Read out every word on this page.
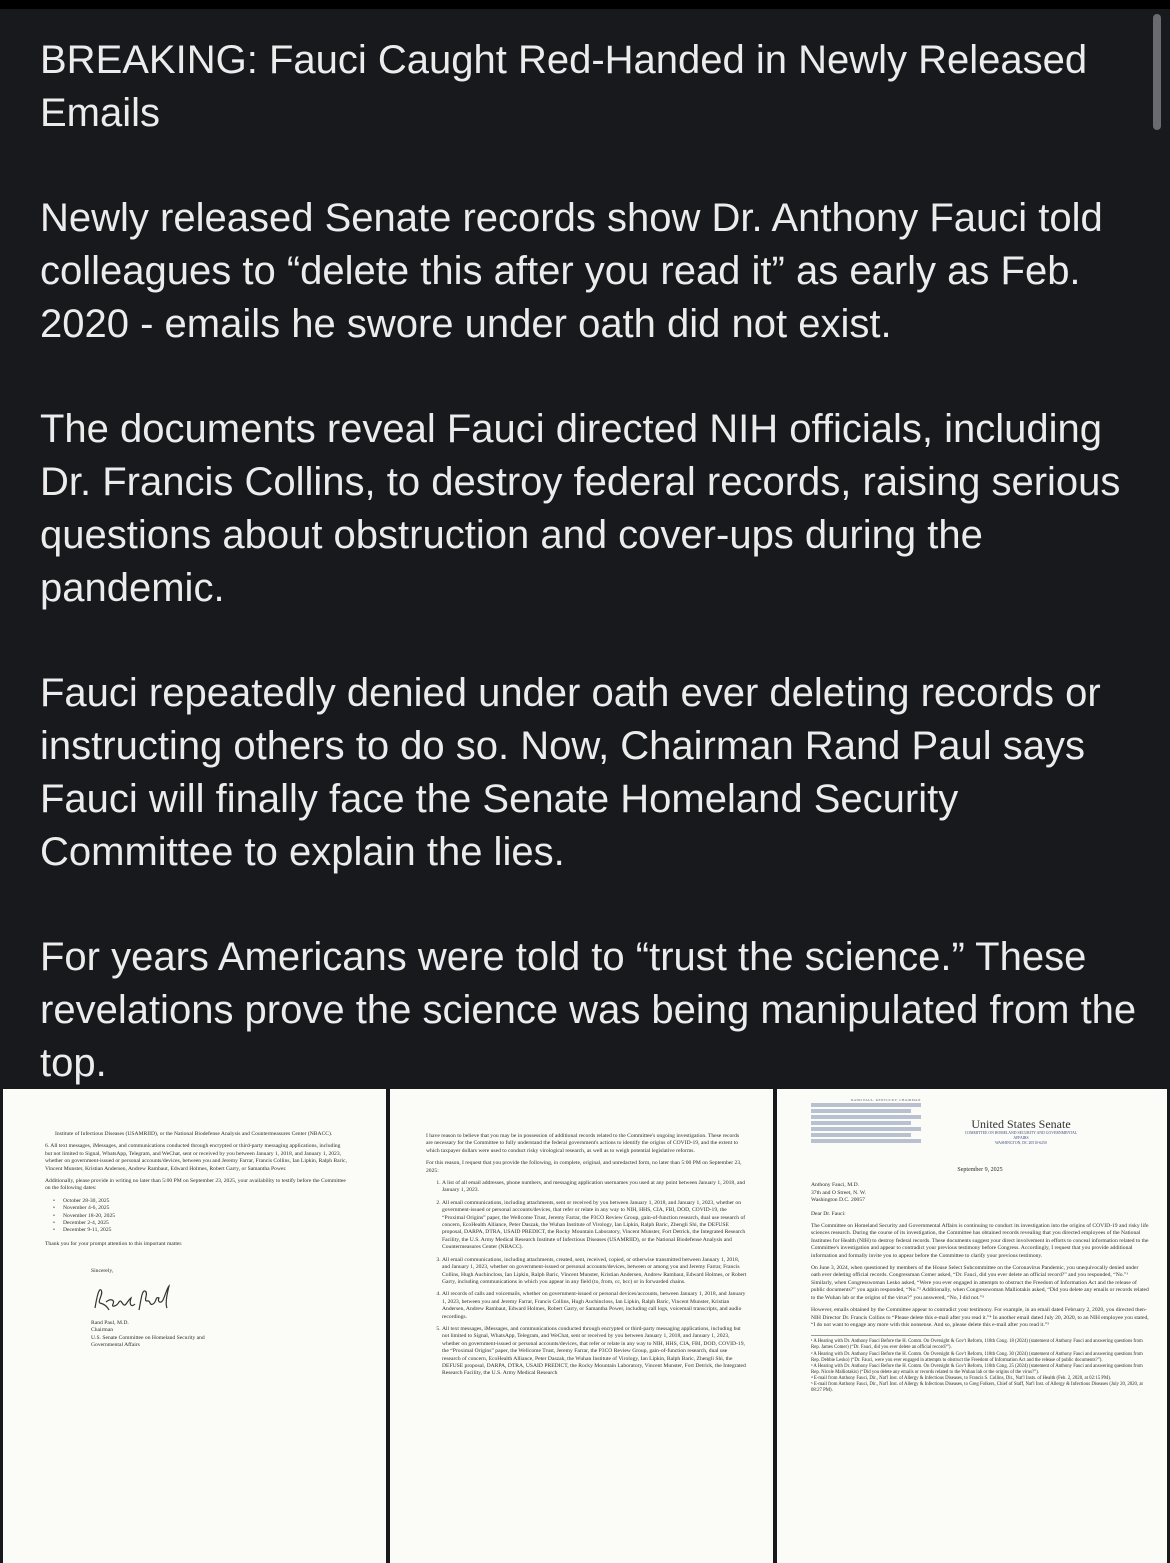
BREAKING: Fauci Caught Red-Handed in Newly Released Emails

Newly released Senate records show Dr. Anthony Fauci told colleagues to “delete this after you read it” as early as Feb. 2020 - emails he swore under oath did not exist.

The documents reveal Fauci directed NIH officials, including Dr. Francis Collins, to destroy federal records, raising serious questions about obstruction and cover-ups during the pandemic.

Fauci repeatedly denied under oath ever deleting records or instructing others to do so. Now, Chairman Rand Paul says Fauci will finally face the Senate Homeland Security Committee to explain the lies.

For years Americans were told to “trust the science.” These revelations prove the science was being manipulated from the top.

Institute of Infectious Diseases (USAMRIID), or the National Biodefense Analysis and Countermeasures Center (NBACC).

6. All text messages, iMessages, and communications conducted through encrypted or third-party messaging applications, including but not limited to Signal, WhatsApp, Telegram, and WeChat, sent or received by you between January 1, 2018, and January 1, 2023, whether on government-issued or personal accounts/devices, between you and Jeremy Farrar, Francis Collins, Ian Lipkin, Ralph Baric, Vincent Munster, Kristian Andersen, Andrew Rambaut, Edward Holmes, Robert Garry, or Samantha Power.

Additionally, please provide in writing no later than 5:00 PM on September 23, 2025, your availability to testify before the Committee on the following dates:

• October 28-30, 2025
• November 4-6, 2025
• November 18-20, 2025
• December 2-4, 2025
• December 9-11, 2025

Thank you for your prompt attention to this important matter.

Sincerely,
Rand Paul, M.D.
Chairman
U.S. Senate Committee on Homeland Security and Governmental Affairs

I have reason to believe that you may be in possession of additional records related to the Committee's ongoing investigation. These records are necessary for the Committee to fully understand the federal government's actions to identify the origins of COVID-19, and the extent to which taxpayer dollars were used to conduct risky virological research, as well as to weigh potential legislative reforms.

For this reason, I request that you provide the following, in complete, original, and unredacted form, no later than 5:00 PM on September 23, 2025:

1. A list of all email addresses, phone numbers, and messaging application usernames you used at any point between January 1, 2018, and January 1, 2023.
2. All email communications, including attachments, sent or received by you between January 1, 2018, and January 1, 2023, whether on government-issued or personal accounts/devices, that refer or relate in any way to NIH, HHS, CIA, FBI, DOD, COVID-19, the “Proximal Origins” paper, the Wellcome Trust, Jeremy Farrar, the P3CO Review Group, gain-of-function research, dual use research of concern, EcoHealth Alliance, Peter Daszak, the Wuhan Institute of Virology, Ian Lipkin, Ralph Baric, Zhengli Shi, the DEFUSE proposal, DARPA, DTRA, USAID PREDICT, the Rocky Mountain Laboratory, Vincent Munster, Fort Detrick, the Integrated Research Facility, the U.S. Army Medical Research Institute of Infectious Diseases (USAMRIID), or the National Biodefense Analysis and Countermeasures Center (NBACC).
3. All email communications, including attachments, created, sent, received, copied, or otherwise transmitted between January 1, 2018, and January 1, 2023, whether on government-issued or personal accounts/devices, between or among you and Jeremy Farrar, Francis Collins, Hugh Auchincloss, Ian Lipkin, Ralph Baric, Vincent Munster, Kristian Andersen, Andrew Rambaut, Edward Holmes, or Robert Garry, including communications in which you appear in any field (to, from, cc, bcc) or in forwarded chains.
4. All records of calls and voicemails, whether on government-issued or personal devices/accounts, between January 1, 2018, and January 1, 2023, between you and Jeremy Farrar, Francis Collins, Hugh Auchincloss, Ian Lipkin, Ralph Baric, Vincent Munster, Kristian Andersen, Andrew Rambaut, Edward Holmes, Robert Garry, or Samantha Power, including call logs, voicemail transcripts, and audio recordings.
5. All text messages, iMessages, and communications conducted through encrypted or third-party messaging applications, including but not limited to Signal, WhatsApp, Telegram, and WeChat, sent or received by you between January 1, 2018, and January 1, 2023, whether on government-issued or personal accounts/devices, that refer or relate in any way to NIH, HHS, CIA, FBI, DOD, COVID-19, the “Proximal Origins” paper, the Wellcome Trust, Jeremy Farrar, the P3CO Review Group, gain-of-function research, dual use research of concern, EcoHealth Alliance, Peter Daszak, the Wuhan Institute of Virology, Ian Lipkin, Ralph Baric, Zhengli Shi, the DEFUSE proposal, DARPA, DTRA, USAID PREDICT, the Rocky Mountain Laboratory, Vincent Munster, Fort Detrick, the Integrated Research Facility, the U.S. Army Medical Research
RAND PAUL, KENTUCKY, CHAIRMAN
United States Senate
COMMITTEE ON HOMELAND SECURITY AND GOVERNMENTAL AFFAIRS
WASHINGTON, DC 20510-6250
September 9, 2025
Anthony Fauci, M.D.
37th and O Street, N. W.
Washington D.C. 20057

Dear Dr. Fauci:

The Committee on Homeland Security and Governmental Affairs is continuing to conduct its investigation into the origins of COVID-19 and risky life sciences research. During the course of its investigation, the Committee has obtained records revealing that you directed employees of the National Institutes for Health (NIH) to destroy federal records. These documents suggest your direct involvement in efforts to conceal information related to the Committee's investigation and appear to contradict your previous testimony before Congress. Accordingly, I request that you provide additional information and formally invite you to appear before the Committee to clarify your previous testimony.

On June 3, 2024, when questioned by members of the House Select Subcommittee on the Coronavirus Pandemic, you unequivocally denied under oath ever deleting official records. Congressman Comer asked, “Dr. Fauci, did you ever delete an official record?” and you responded, “No.”¹ Similarly, when Congresswoman Lesko asked, “Were you ever engaged in attempts to obstruct the Freedom of Information Act and the release of public documents?” you again responded, “No.”² Additionally, when Congresswoman Malliotakis asked, “Did you delete any emails or records related to the Wuhan lab or the origins of the virus?” you answered, “No, I did not.”³

However, emails obtained by the Committee appear to contradict your testimony. For example, in an email dated February 2, 2020, you directed then-NIH Director Dr. Francis Collins to “Please delete this e-mail after you read it.”⁴ In another email dated July 20, 2020, to an NIH employee you stated, “I do not want to engage any more with this nonsense. And so, please delete this e-mail after you read it.”⁵

¹ A Hearing with Dr. Anthony Fauci Before the H. Comm. On Oversight & Gov't Reform, 118th Cong. 18 (2024) (statement of Anthony Fauci and answering questions from Rep. James Comer) (“Dr. Fauci, did you ever delete an official record?”).
² A Hearing with Dr. Anthony Fauci Before the H. Comm. On Oversight & Gov't Reform, 118th Cong. 30 (2024) (statement of Anthony Fauci and answering questions from Rep. Debbie Lesko) (“Dr. Fauci, were you ever engaged in attempts to obstruct the Freedom of Information Act and the release of public documents?”).
³ A Hearing with Dr. Anthony Fauci Before the H. Comm. On Oversight & Gov't Reform, 118th Cong. 25 (2024) (statement of Anthony Fauci and answering questions from Rep. Nicole Malliotakis) (“Did you delete any emails or records related to the Wuhan lab or the origins of the virus?”).
⁴ E-mail from Anthony Fauci, Dir., Nat'l Inst. of Allergy & Infectious Diseases, to Francis S. Collins, Dir., Nat'l Insts. of Health (Feb. 2, 2020, at 02:15 PM).
⁵ E-mail from Anthony Fauci, Dir., Nat'l Inst. of Allergy & Infectious Diseases, to Greg Folkers, Chief of Staff, Nat'l Inst. of Allergy & Infectious Diseases (July 20, 2020, at 08:27 PM).
